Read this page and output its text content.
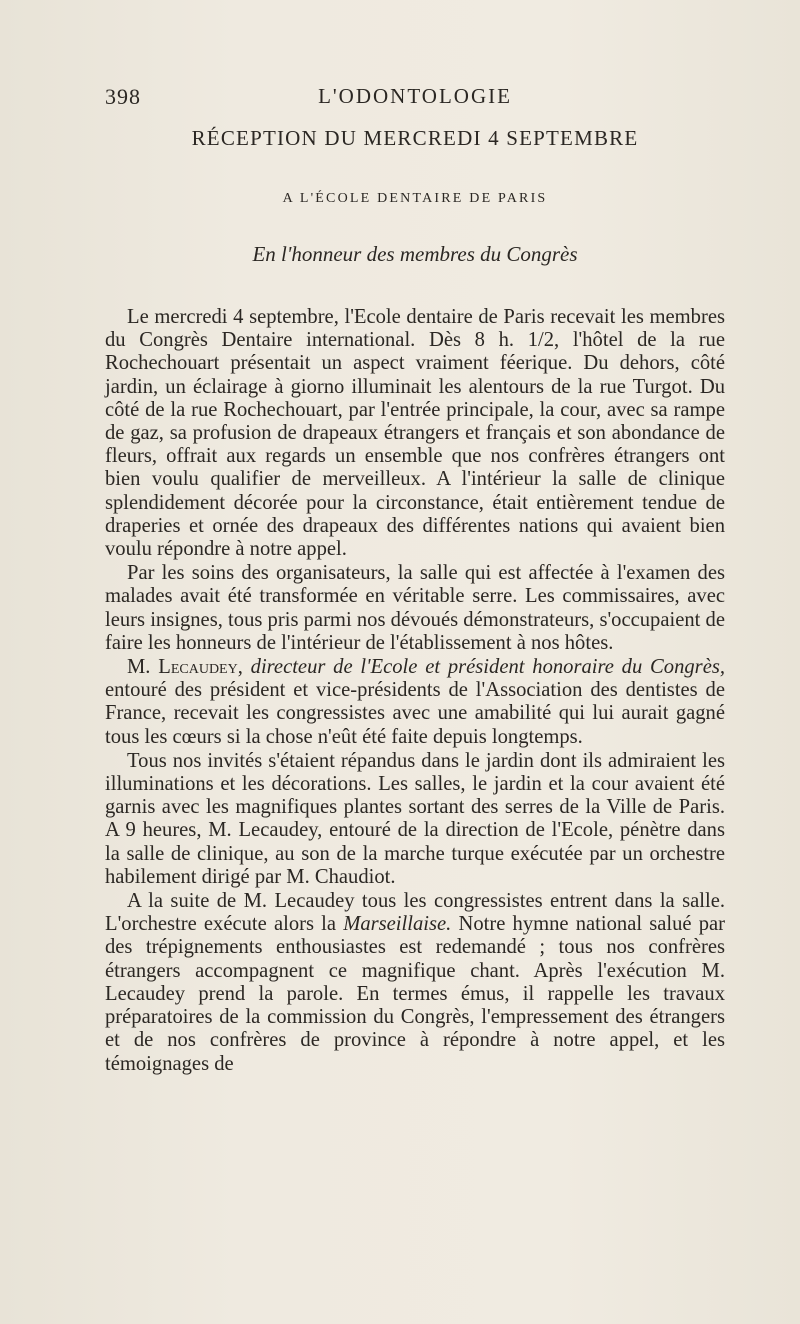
398	L'ODONTOLOGIE
RÉCEPTION DU MERCREDI 4 SEPTEMBRE
A L'ÉCOLE DENTAIRE DE PARIS
En l'honneur des membres du Congrès

Le mercredi 4 septembre, l'Ecole dentaire de Paris recevait les membres du Congrès Dentaire international. Dès 8 h. 1/2, l'hôtel de la rue Rochechouart présentait un aspect vraiment féerique. Du dehors, côté jardin, un éclairage à giorno illuminait les alentours de la rue Turgot. Du côté de la rue Rochechouart, par l'entrée principale, la cour, avec sa rampe de gaz, sa profusion de drapeaux étrangers et français et son abondance de fleurs, offrait aux regards un ensemble que nos confrères étrangers ont bien voulu qualifier de merveilleux. A l'intérieur la salle de clinique splendidement décorée pour la circonstance, était entièrement tendue de draperies et ornée des drapeaux des différentes nations qui avaient bien voulu répondre à notre appel.

Par les soins des organisateurs, la salle qui est affectée à l'examen des malades avait été transformée en véritable serre. Les commissaires, avec leurs insignes, tous pris parmi nos dévoués démonstrateurs, s'occupaient de faire les honneurs de l'intérieur de l'établissement à nos hôtes.

M. Lecaudey, directeur de l'Ecole et président honoraire du Congrès, entouré des président et vice-présidents de l'Association des dentistes de France, recevait les congressistes avec une amabilité qui lui aurait gagné tous les cœurs si la chose n'eût été faite depuis longtemps.

Tous nos invités s'étaient répandus dans le jardin dont ils admiraient les illuminations et les décorations. Les salles, le jardin et la cour avaient été garnis avec les magnifiques plantes sortant des serres de la Ville de Paris. A 9 heures, M. Lecaudey, entouré de la direction de l'Ecole, pénètre dans la salle de clinique, au son de la marche turque exécutée par un orchestre habilement dirigé par M. Chaudiot.

A la suite de M. Lecaudey tous les congressistes entrent dans la salle. L'orchestre exécute alors la Marseillaise. Notre hymne national salué par des trépignements enthousiastes est redemandé ; tous nos confrères étrangers accompagnent ce magnifique chant. Après l'exécution M. Lecaudey prend la parole. En termes émus, il rappelle les travaux préparatoires de la commission du Congrès, l'empressement des étrangers et de nos confrères de province à répondre à notre appel, et les témoignages de
